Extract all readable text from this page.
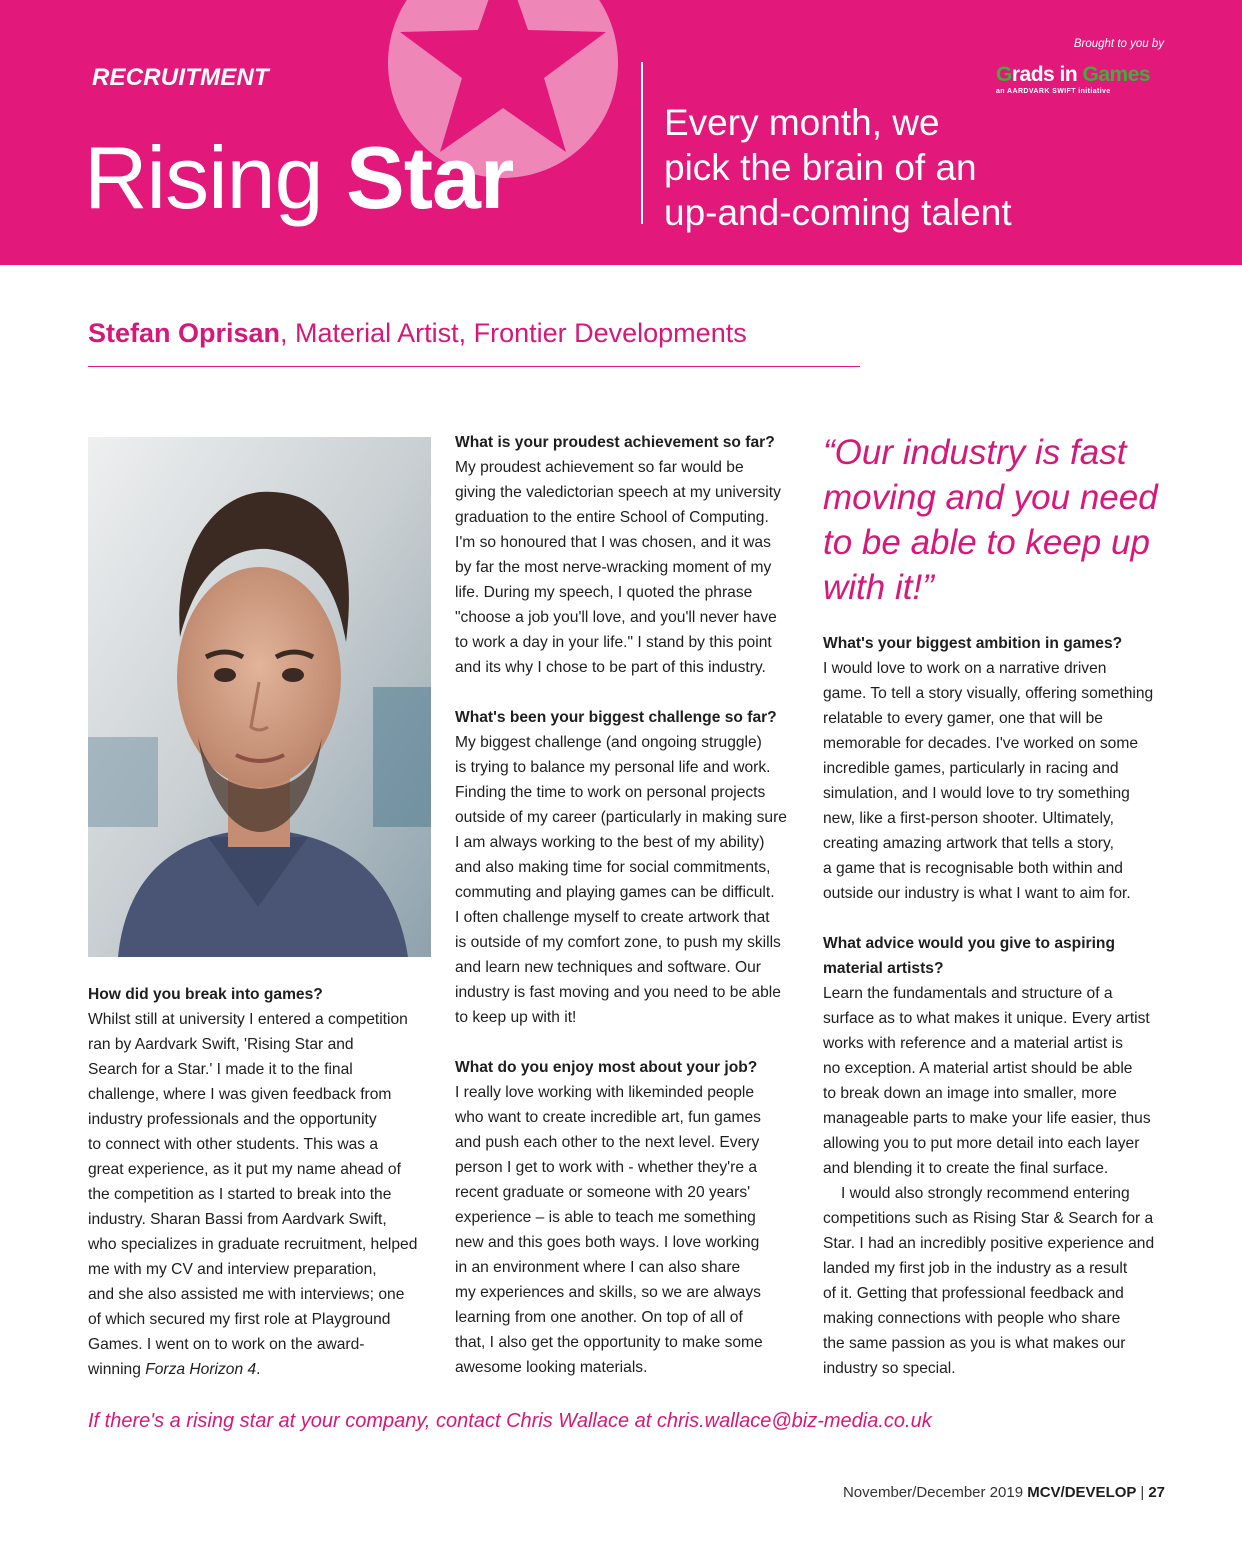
RECRUITMENT
Rising Star
Every month, we
pick the brain of an
up-and-coming talent
Brought to you by
Grads in Games
an AARDVARK SWIFT initiative
Stefan Oprisan, Material Artist, Frontier Developments
How did you break into games?
Whilst still at university I entered a competition
ran by Aardvark Swift, 'Rising Star and
Search for a Star.' I made it to the final
challenge, where I was given feedback from
industry professionals and the opportunity
to connect with other students. This was a
great experience, as it put my name ahead of
the competition as I started to break into the
industry. Sharan Bassi from Aardvark Swift,
who specializes in graduate recruitment, helped
me with my CV and interview preparation,
and she also assisted me with interviews; one
of which secured my first role at Playground
Games. I went on to work on the award-
winning Forza Horizon 4.
What is your proudest achievement so far?
My proudest achievement so far would be
giving the valedictorian speech at my university
graduation to the entire School of Computing.
I'm so honoured that I was chosen, and it was
by far the most nerve-wracking moment of my
life. During my speech, I quoted the phrase
"choose a job you'll love, and you'll never have
to work a day in your life." I stand by this point
and its why I chose to be part of this industry.
What's been your biggest challenge so far?
My biggest challenge (and ongoing struggle)
is trying to balance my personal life and work.
Finding the time to work on personal projects
outside of my career (particularly in making sure
I am always working to the best of my ability)
and also making time for social commitments,
commuting and playing games can be difficult.
I often challenge myself to create artwork that
is outside of my comfort zone, to push my skills
and learn new techniques and software. Our
industry is fast moving and you need to be able
to keep up with it!
What do you enjoy most about your job?
I really love working with likeminded people
who want to create incredible art, fun games
and push each other to the next level. Every
person I get to work with - whether they're a
recent graduate or someone with 20 years'
experience – is able to teach me something
new and this goes both ways. I love working
in an environment where I can also share
my experiences and skills, so we are always
learning from one another. On top of all of
that, I also get the opportunity to make some
awesome looking materials.
“Our industry is fast
moving and you need
to be able to keep up
with it!”
What's your biggest ambition in games?
I would love to work on a narrative driven
game. To tell a story visually, offering something
relatable to every gamer, one that will be
memorable for decades. I've worked on some
incredible games, particularly in racing and
simulation, and I would love to try something
new, like a first-person shooter. Ultimately,
creating amazing artwork that tells a story,
a game that is recognisable both within and
outside our industry is what I want to aim for.
What advice would you give to aspiring
material artists?
Learn the fundamentals and structure of a
surface as to what makes it unique. Every artist
works with reference and a material artist is
no exception. A material artist should be able
to break down an image into smaller, more
manageable parts to make your life easier, thus
allowing you to put more detail into each layer
and blending it to create the final surface.
I would also strongly recommend entering
competitions such as Rising Star & Search for a
Star. I had an incredibly positive experience and
landed my first job in the industry as a result
of it. Getting that professional feedback and
making connections with people who share
the same passion as you is what makes our
industry so special.
If there's a rising star at your company, contact Chris Wallace at chris.wallace@biz-media.co.uk
November/December 2019 MCV/DEVELOP | 27
